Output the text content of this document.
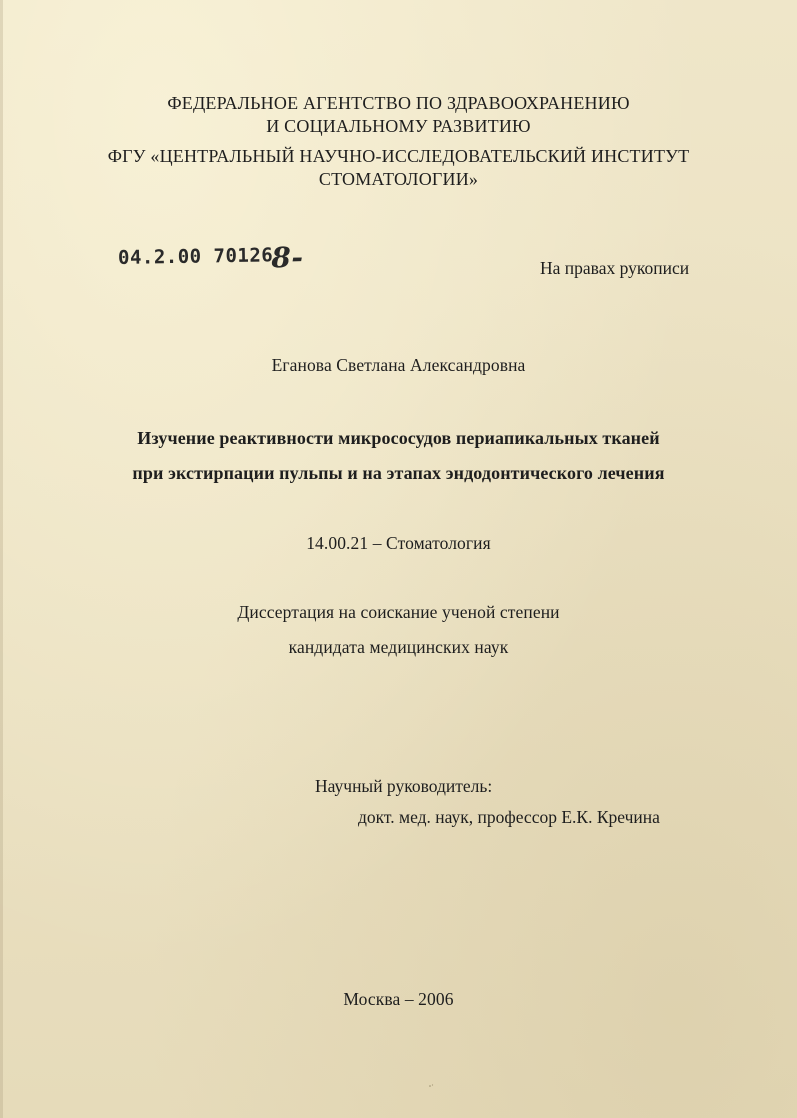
ФЕДЕРАЛЬНОЕ АГЕНТСТВО ПО ЗДРАВООХРАНЕНИЮ
И СОЦИАЛЬНОМУ РАЗВИТИЮ
ФГУ «ЦЕНТРАЛЬНЫЙ НАУЧНО-ИССЛЕДОВАТЕЛЬСКИЙ ИНСТИТУТ
СТОМАТОЛОГИИ»
04.2.00 701268-	На правах рукописи
Еганова Светлана Александровна
Изучение реактивности микрососудов периапикальных тканей
при экстирпации пульпы и на этапах эндодонтического лечения
14.00.21 – Стоматология
Диссертация на соискание ученой степени
кандидата медицинских наук
Научный руководитель:
докт. мед. наук, профессор Е.К. Кречина
Москва – 2006
